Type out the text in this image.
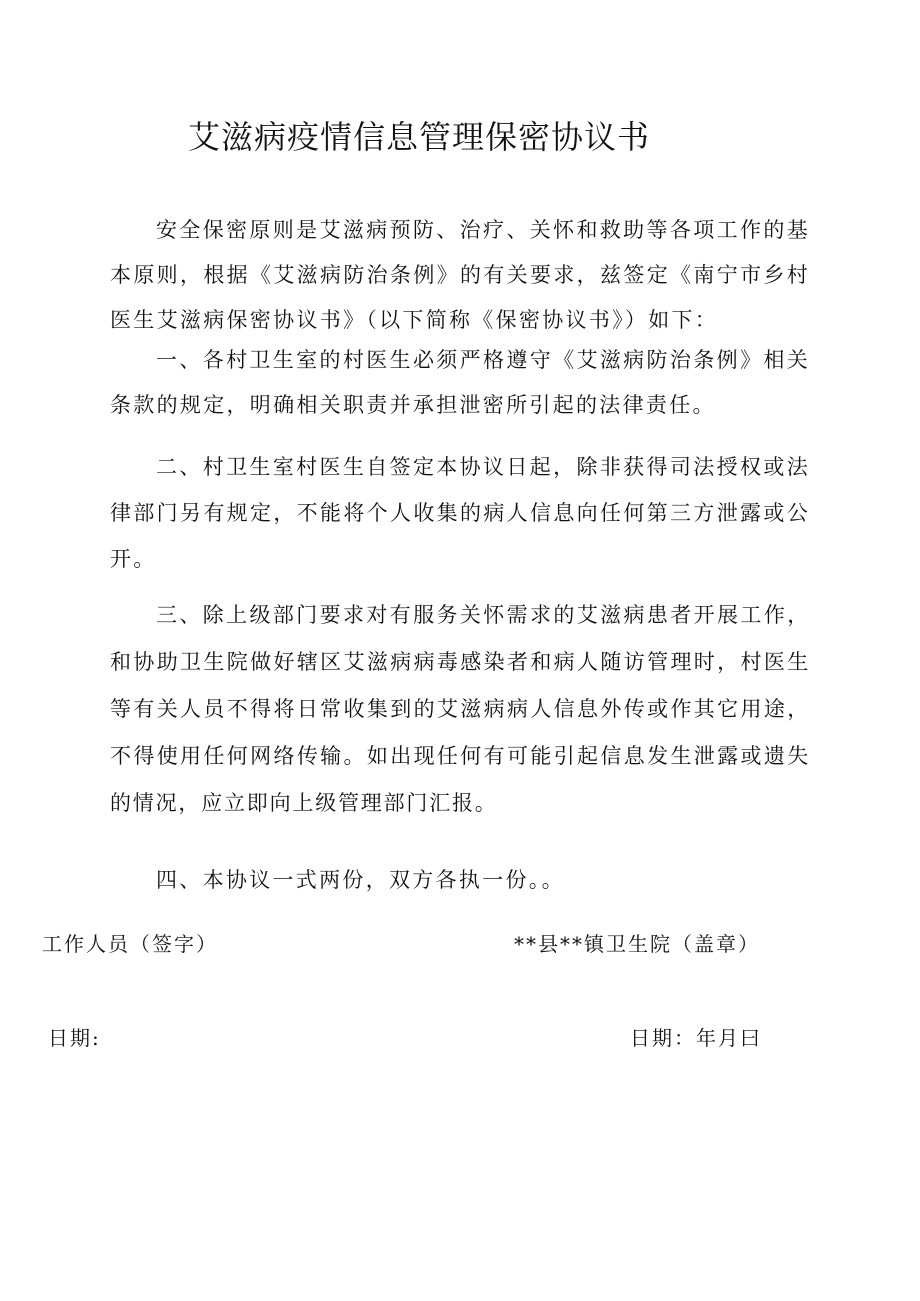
艾滋病疫情信息管理保密协议书

安全保密原则是艾滋病预防、治疗、关怀和救助等各项工作的基本原则，根据《艾滋病防治条例》的有关要求，兹签定《南宁市乡村医生艾滋病保密协议书》（以下简称《保密协议书》）如下：

一、各村卫生室的村医生必须严格遵守《艾滋病防治条例》相关条款的规定，明确相关职责并承担泄密所引起的法律责任。

二、村卫生室村医生自签定本协议日起，除非获得司法授权或法律部门另有规定，不能将个人收集的病人信息向任何第三方泄露或公开。

三、除上级部门要求对有服务关怀需求的艾滋病患者开展工作，和协助卫生院做好辖区艾滋病病毒感染者和病人随访管理时，村医生等有关人员不得将日常收集到的艾滋病病人信息外传或作其它用途，不得使用任何网络传输。如出现任何有可能引起信息发生泄露或遗失的情况，应立即向上级管理部门汇报。

四、本协议一式两份，双方各执一份。。

工作人员（签字）	**县**镇卫生院（盖章）
日期:	日期：年月曰
